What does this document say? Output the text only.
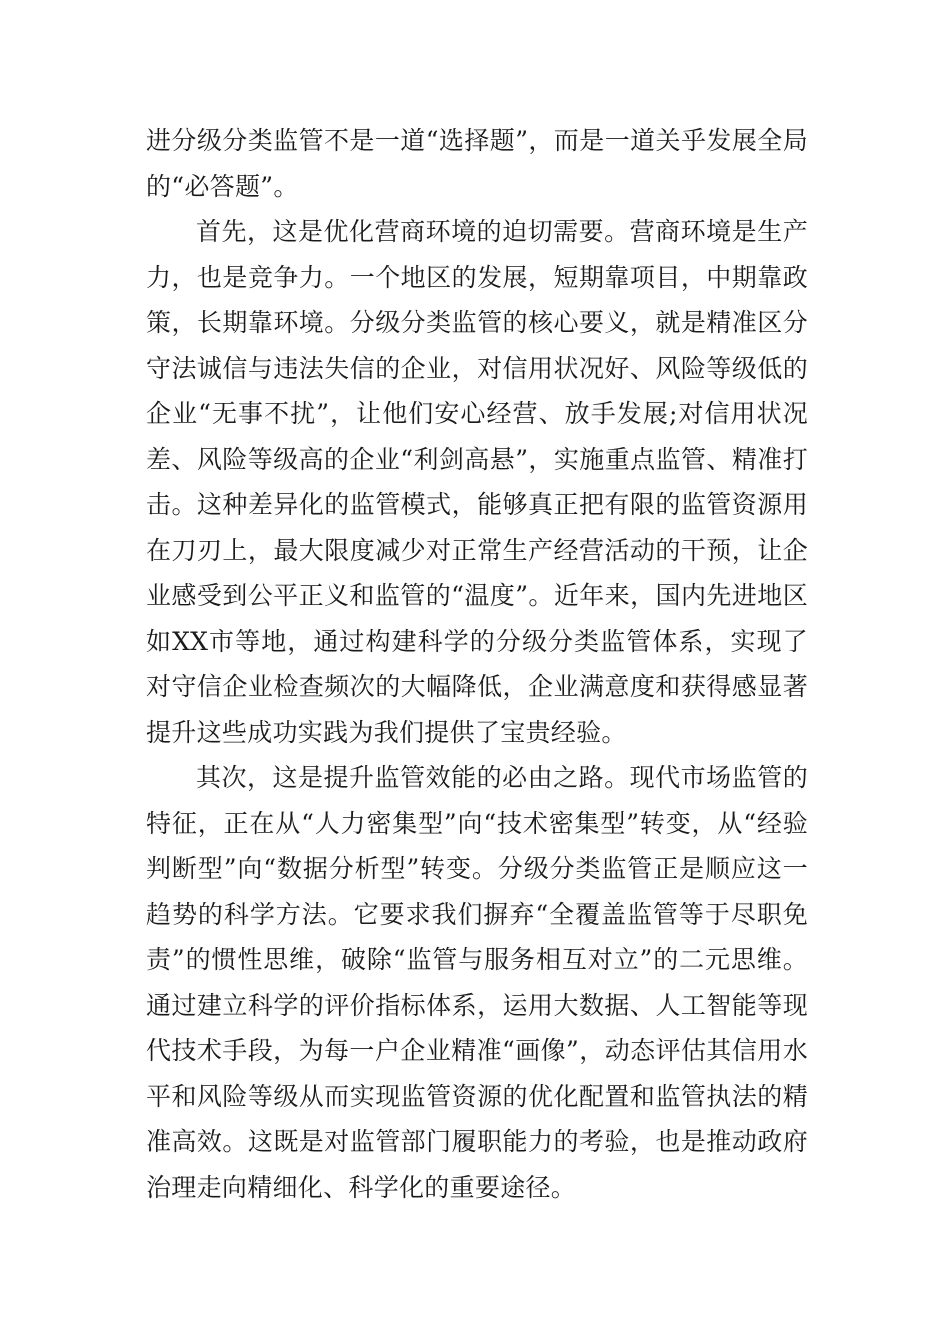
进分级分类监管不是一道“选择题”，而是一道关乎发展全局的“必答题”。

首先，这是优化营商环境的迫切需要。营商环境是生产力，也是竞争力。一个地区的发展，短期靠项目，中期靠政策，长期靠环境。分级分类监管的核心要义，就是精准区分守法诚信与违法失信的企业，对信用状况好、风险等级低的企业“无事不扰”，让他们安心经营、放手发展;对信用状况差、风险等级高的企业“利剑高悬”，实施重点监管、精准打击。这种差异化的监管模式，能够真正把有限的监管资源用在刀刃上，最大限度减少对正常生产经营活动的干预，让企业感受到公平正义和监管的“温度”。近年来，国内先进地区如XX市等地，通过构建科学的分级分类监管体系，实现了对守信企业检查频次的大幅降低，企业满意度和获得感显著提升这些成功实践为我们提供了宝贵经验。

其次，这是提升监管效能的必由之路。现代市场监管的特征，正在从“人力密集型”向“技术密集型”转变，从“经验判断型”向“数据分析型”转变。分级分类监管正是顺应这一趋势的科学方法。它要求我们摒弃“全覆盖监管等于尽职免责”的惯性思维，破除“监管与服务相互对立”的二元思维。通过建立科学的评价指标体系，运用大数据、人工智能等现代技术手段，为每一户企业精准“画像”，动态评估其信用水平和风险等级从而实现监管资源的优化配置和监管执法的精准高效。这既是对监管部门履职能力的考验，也是推动政府治理走向精细化、科学化的重要途径。
